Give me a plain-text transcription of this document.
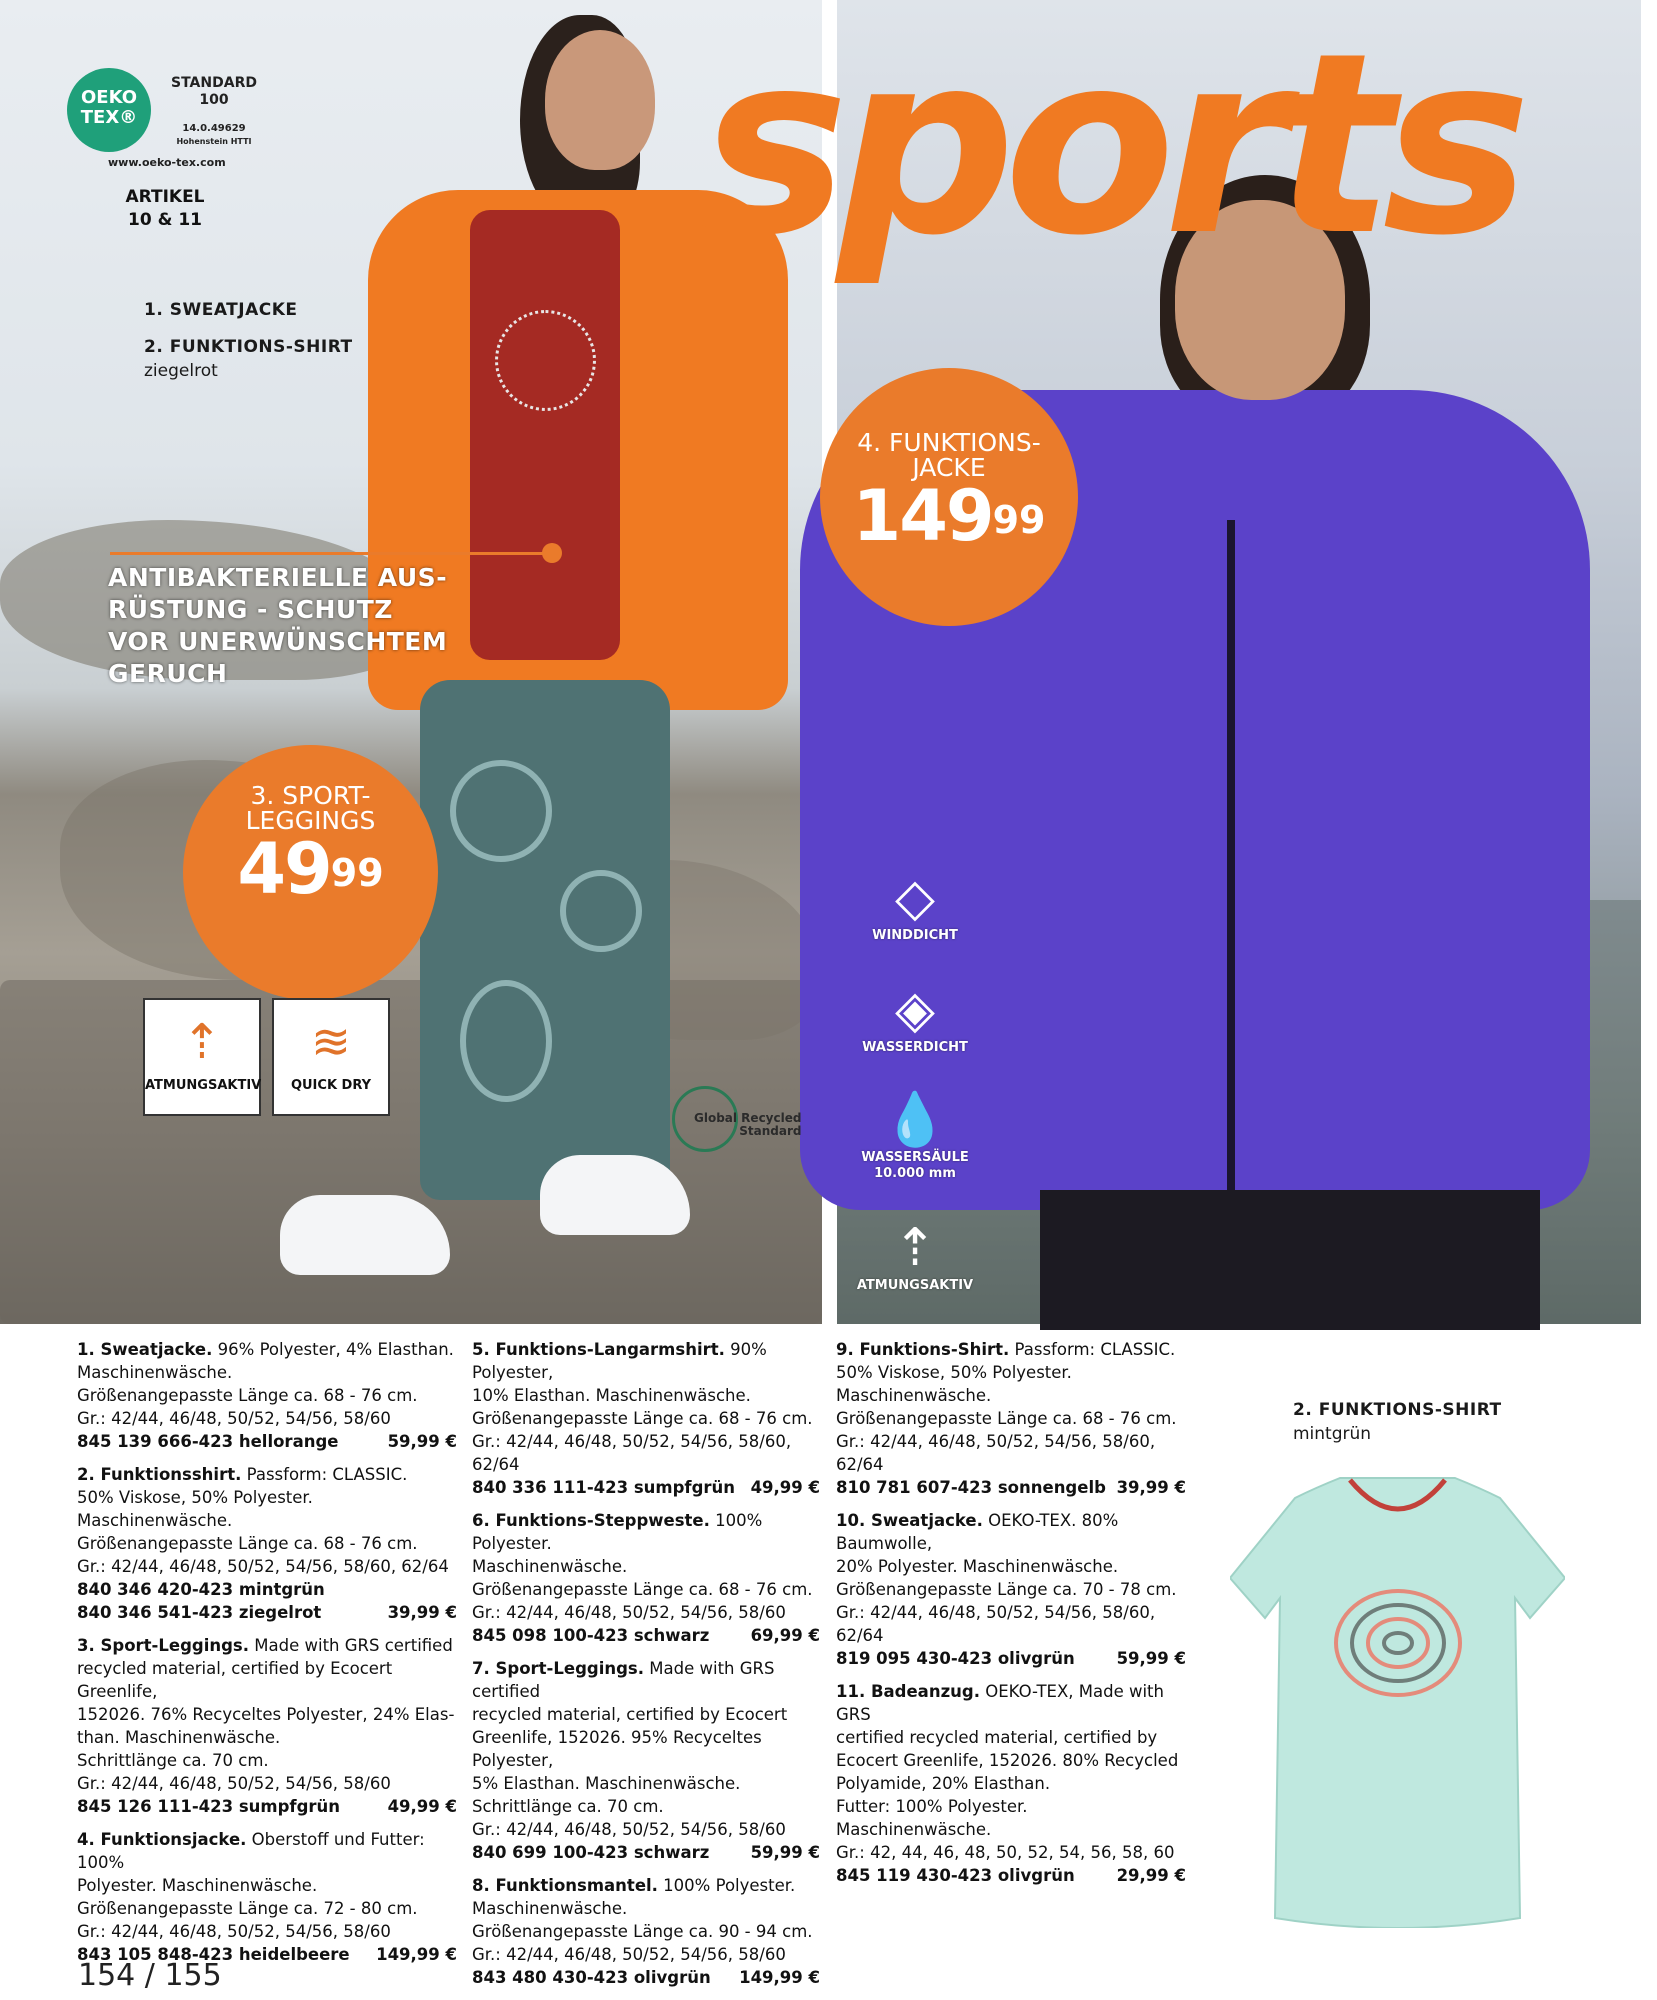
sports
OEKO
TEX®
STANDARD
100
14.0.49629
Hohenstein HTTI
www.oeko-tex.com
ARTIKEL
10 & 11
1. SWEATJACKE
2. FUNKTIONS-SHIRT
ziegelrot
ANTIBAKTERIELLE AUS-
RÜSTUNG - SCHUTZ
VOR UNERWÜNSCHTEM
GERUCH
3. SPORT-
LEGGINGS
$49^{99}$
⇡
ATMUNGSAKTIV
≋
QUICK DRY
Global Recycled
Standard
4. FUNKTIONS-
JACKE
$149^{99}$
◇
WINDDICHT
◈
WASSERDICHT
💧
WASSERSÄULE
10.000 mm
⇡
ATMUNGSAKTIV
1. Sweatjacke. 96% Polyester, 4% Elasthan.
Maschinenwäsche.
Größenangepasste Länge ca. 68 - 76 cm.
Gr.: 42/44, 46/48, 50/52, 54/56, 58/60
845 139 666-423 hellorange	59,99 €
2. Funktionsshirt. Passform: CLASSIC.
50% Viskose, 50% Polyester.
Maschinenwäsche.
Größenangepasste Länge ca. 68 - 76 cm.
Gr.: 42/44, 46/48, 50/52, 54/56, 58/60, 62/64
840 346 420-423 mintgrün
840 346 541-423 ziegelrot	39,99 €
3. Sport-Leggings. Made with GRS certified
recycled material, certified by Ecocert Greenlife,
152026. 76% Recyceltes Polyester, 24% Elas-
than. Maschinenwäsche.
Schrittlänge ca. 70 cm.
Gr.: 42/44, 46/48, 50/52, 54/56, 58/60
845 126 111-423 sumpfgrün	49,99 €
4. Funktionsjacke. Oberstoff und Futter: 100%
Polyester. Maschinenwäsche.
Größenangepasste Länge ca. 72 - 80 cm.
Gr.: 42/44, 46/48, 50/52, 54/56, 58/60
843 105 848-423 heidelbeere 149,99 €
5. Funktions-Langarmshirt. 90% Polyester,
10% Elasthan. Maschinenwäsche.
Größenangepasste Länge ca. 68 - 76 cm.
Gr.: 42/44, 46/48, 50/52, 54/56, 58/60, 62/64
840 336 111-423 sumpfgrün 49,99 €
6. Funktions-Steppweste. 100% Polyester.
Maschinenwäsche.
Größenangepasste Länge ca. 68 - 76 cm.
Gr.: 42/44, 46/48, 50/52, 54/56, 58/60
845 098 100-423 schwarz	69,99 €
7. Sport-Leggings. Made with GRS certified
recycled material, certified by Ecocert
Greenlife, 152026. 95% Recyceltes Polyester,
5% Elasthan. Maschinenwäsche.
Schrittlänge ca. 70 cm.
Gr.: 42/44, 46/48, 50/52, 54/56, 58/60
840 699 100-423 schwarz	59,99 €
8. Funktionsmantel. 100% Polyester.
Maschinenwäsche.
Größenangepasste Länge ca. 90 - 94 cm.
Gr.: 42/44, 46/48, 50/52, 54/56, 58/60
843 480 430-423 olivgrün 149,99 €
9. Funktions-Shirt. Passform: CLASSIC.
50% Viskose, 50% Polyester.
Maschinenwäsche.
Größenangepasste Länge ca. 68 - 76 cm.
Gr.: 42/44, 46/48, 50/52, 54/56, 58/60, 62/64
810 781 607-423 sonnengelb 39,99 €
10. Sweatjacke. OEKO-TEX. 80% Baumwolle,
20% Polyester. Maschinenwäsche.
Größenangepasste Länge ca. 70 - 78 cm.
Gr.: 42/44, 46/48, 50/52, 54/56, 58/60, 62/64
819 095 430-423 olivgrün	59,99 €
11. Badeanzug. OEKO-TEX, Made with GRS
certified recycled material, certified by
Ecocert Greenlife, 152026. 80% Recycled
Polyamide, 20% Elasthan.
Futter: 100% Polyester. Maschinenwäsche.
Gr.: 42, 44, 46, 48, 50, 52, 54, 56, 58, 60
845 119 430-423 olivgrün	29,99 €
2. FUNKTIONS-SHIRT
mintgrün
154 / 155
